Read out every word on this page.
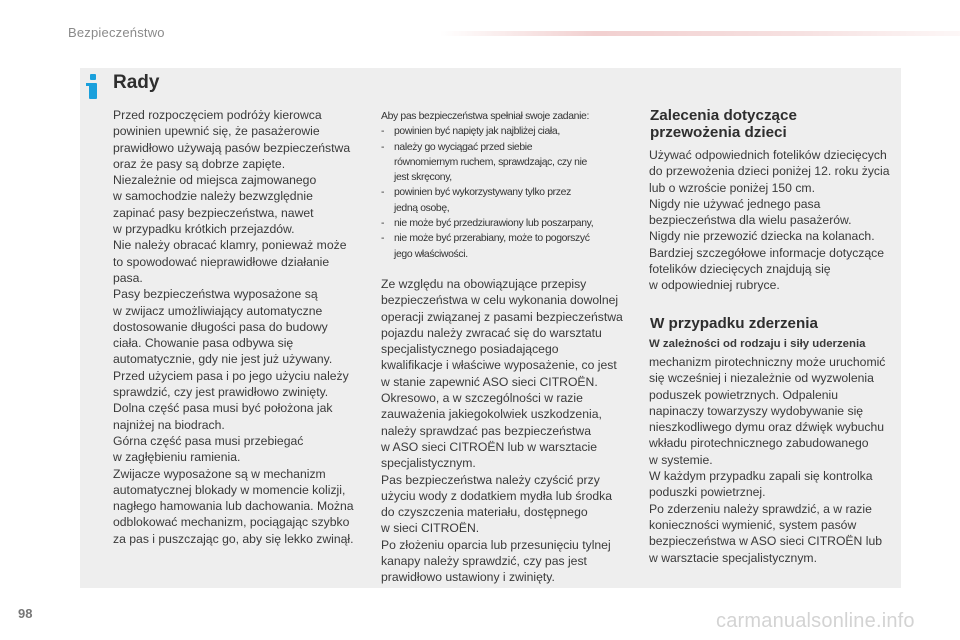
Bezpieczeństwo
Rady
Przed rozpoczęciem podróży kierowca
powinien upewnić się, że pasażerowie
prawidłowo używają pasów bezpieczeństwa
oraz że pasy są dobrze zapięte.
Niezależnie od miejsca zajmowanego
w samochodzie należy bezwzględnie
zapinać pasy bezpieczeństwa, nawet
w przypadku krótkich przejazdów.
Nie należy obracać klamry, ponieważ może
to spowodować nieprawidłowe działanie
pasa.
Pasy bezpieczeństwa wyposażone są
w zwijacz umożliwiający automatyczne
dostosowanie długości pasa do budowy
ciała. Chowanie pasa odbywa się
automatycznie, gdy nie jest już używany.
Przed użyciem pasa i po jego użyciu należy
sprawdzić, czy jest prawidłowo zwinięty.
Dolna część pasa musi być położona jak
najniżej na biodrach.
Górna część pasa musi przebiegać
w zagłębieniu ramienia.
Zwijacze wyposażone są w mechanizm
automatycznej blokady w momencie kolizji,
nagłego hamowania lub dachowania. Można
odblokować mechanizm, pociągając szybko
za pas i puszczając go, aby się lekko zwinął.
Aby pas bezpieczeństwa spełniał swoje zadanie:
- powinien być napięty jak najbliżej ciała,
- należy go wyciągać przed siebie
równomiernym ruchem, sprawdzając, czy nie
jest skręcony,
- powinien być wykorzystywany tylko przez
jedną osobę,
- nie może być przedziurawiony lub poszarpany,
- nie może być przerabiany, może to pogorszyć
jego właściwości.
Ze względu na obowiązujące przepisy
bezpieczeństwa w celu wykonania dowolnej
operacji związanej z pasami bezpieczeństwa
pojazdu należy zwracać się do warsztatu
specjalistycznego posiadającego
kwalifikacje i właściwe wyposażenie, co jest
w stanie zapewnić ASO sieci CITROËN.
Okresowo, a w szczególności w razie
zauważenia jakiegokolwiek uszkodzenia,
należy sprawdzać pas bezpieczeństwa
w ASO sieci CITROËN lub w warsztacie
specjalistycznym.
Pas bezpieczeństwa należy czyścić przy
użyciu wody z dodatkiem mydła lub środka
do czyszczenia materiału, dostępnego
w sieci CITROËN.
Po złożeniu oparcia lub przesunięciu tylnej
kanapy należy sprawdzić, czy pas jest
prawidłowo ustawiony i zwinięty.
Zalecenia dotyczące
przewożenia dzieci
Używać odpowiednich fotelików dziecięcych
do przewożenia dzieci poniżej 12. roku życia
lub o wzroście poniżej 150 cm.
Nigdy nie używać jednego pasa
bezpieczeństwa dla wielu pasażerów.
Nigdy nie przewozić dziecka na kolanach.
Bardziej szczegółowe informacje dotyczące
fotelików dziecięcych znajdują się
w odpowiedniej rubryce.
W przypadku zderzenia
W zależności od rodzaju i siły uderzenia
mechanizm pirotechniczny może uruchomić
się wcześniej i niezależnie od wyzwolenia
poduszek powietrznych. Odpaleniu
napinaczy towarzyszy wydobywanie się
nieszkodliwego dymu oraz dźwięk wybuchu
wkładu pirotechnicznego zabudowanego
w systemie.
W każdym przypadku zapali się kontrolka
poduszki powietrznej.
Po zderzeniu należy sprawdzić, a w razie
konieczności wymienić, system pasów
bezpieczeństwa w ASO sieci CITROËN lub
w warsztacie specjalistycznym.
98	carmanualsonline.info
